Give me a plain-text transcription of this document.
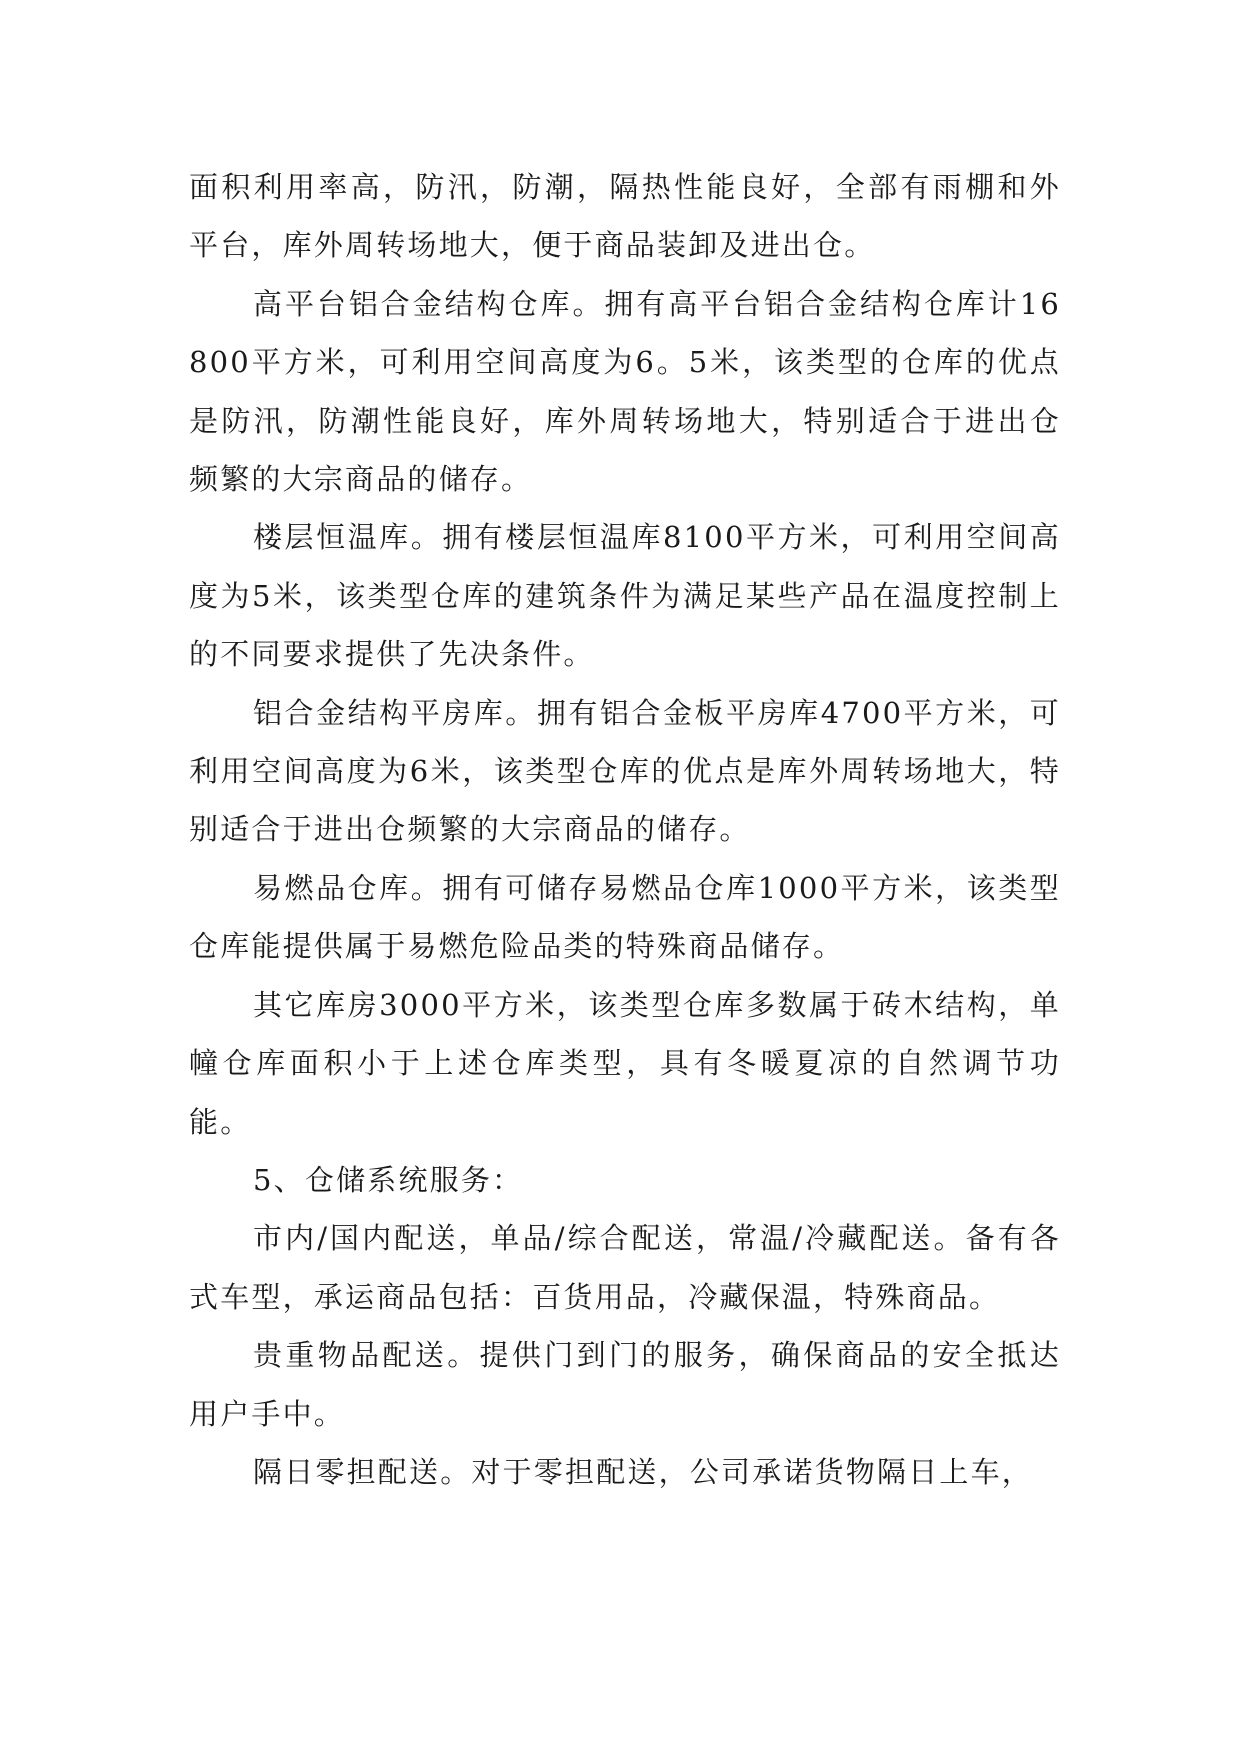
面积利用率高，防汛，防潮，隔热性能良好，全部有雨棚和外平台，库外周转场地大，便于商品装卸及进出仓。

高平台铝合金结构仓库。拥有高平台铝合金结构仓库计16800平方米，可利用空间高度为6。5米，该类型的仓库的优点是防汛，防潮性能良好，库外周转场地大，特别适合于进出仓频繁的大宗商品的储存。

楼层恒温库。拥有楼层恒温库8100平方米，可利用空间高度为5米，该类型仓库的建筑条件为满足某些产品在温度控制上的不同要求提供了先决条件。

铝合金结构平房库。拥有铝合金板平房库4700平方米，可利用空间高度为6米，该类型仓库的优点是库外周转场地大，特别适合于进出仓频繁的大宗商品的储存。

易燃品仓库。拥有可储存易燃品仓库1000平方米，该类型仓库能提供属于易燃危险品类的特殊商品储存。

其它库房3000平方米，该类型仓库多数属于砖木结构，单幢仓库面积小于上述仓库类型，具有冬暖夏凉的自然调节功能。

5、仓储系统服务：

市内/国内配送，单品/综合配送，常温/冷藏配送。备有各式车型，承运商品包括：百货用品，冷藏保温，特殊商品。

贵重物品配送。提供门到门的服务，确保商品的安全抵达用户手中。

隔日零担配送。对于零担配送，公司承诺货物隔日上车，
